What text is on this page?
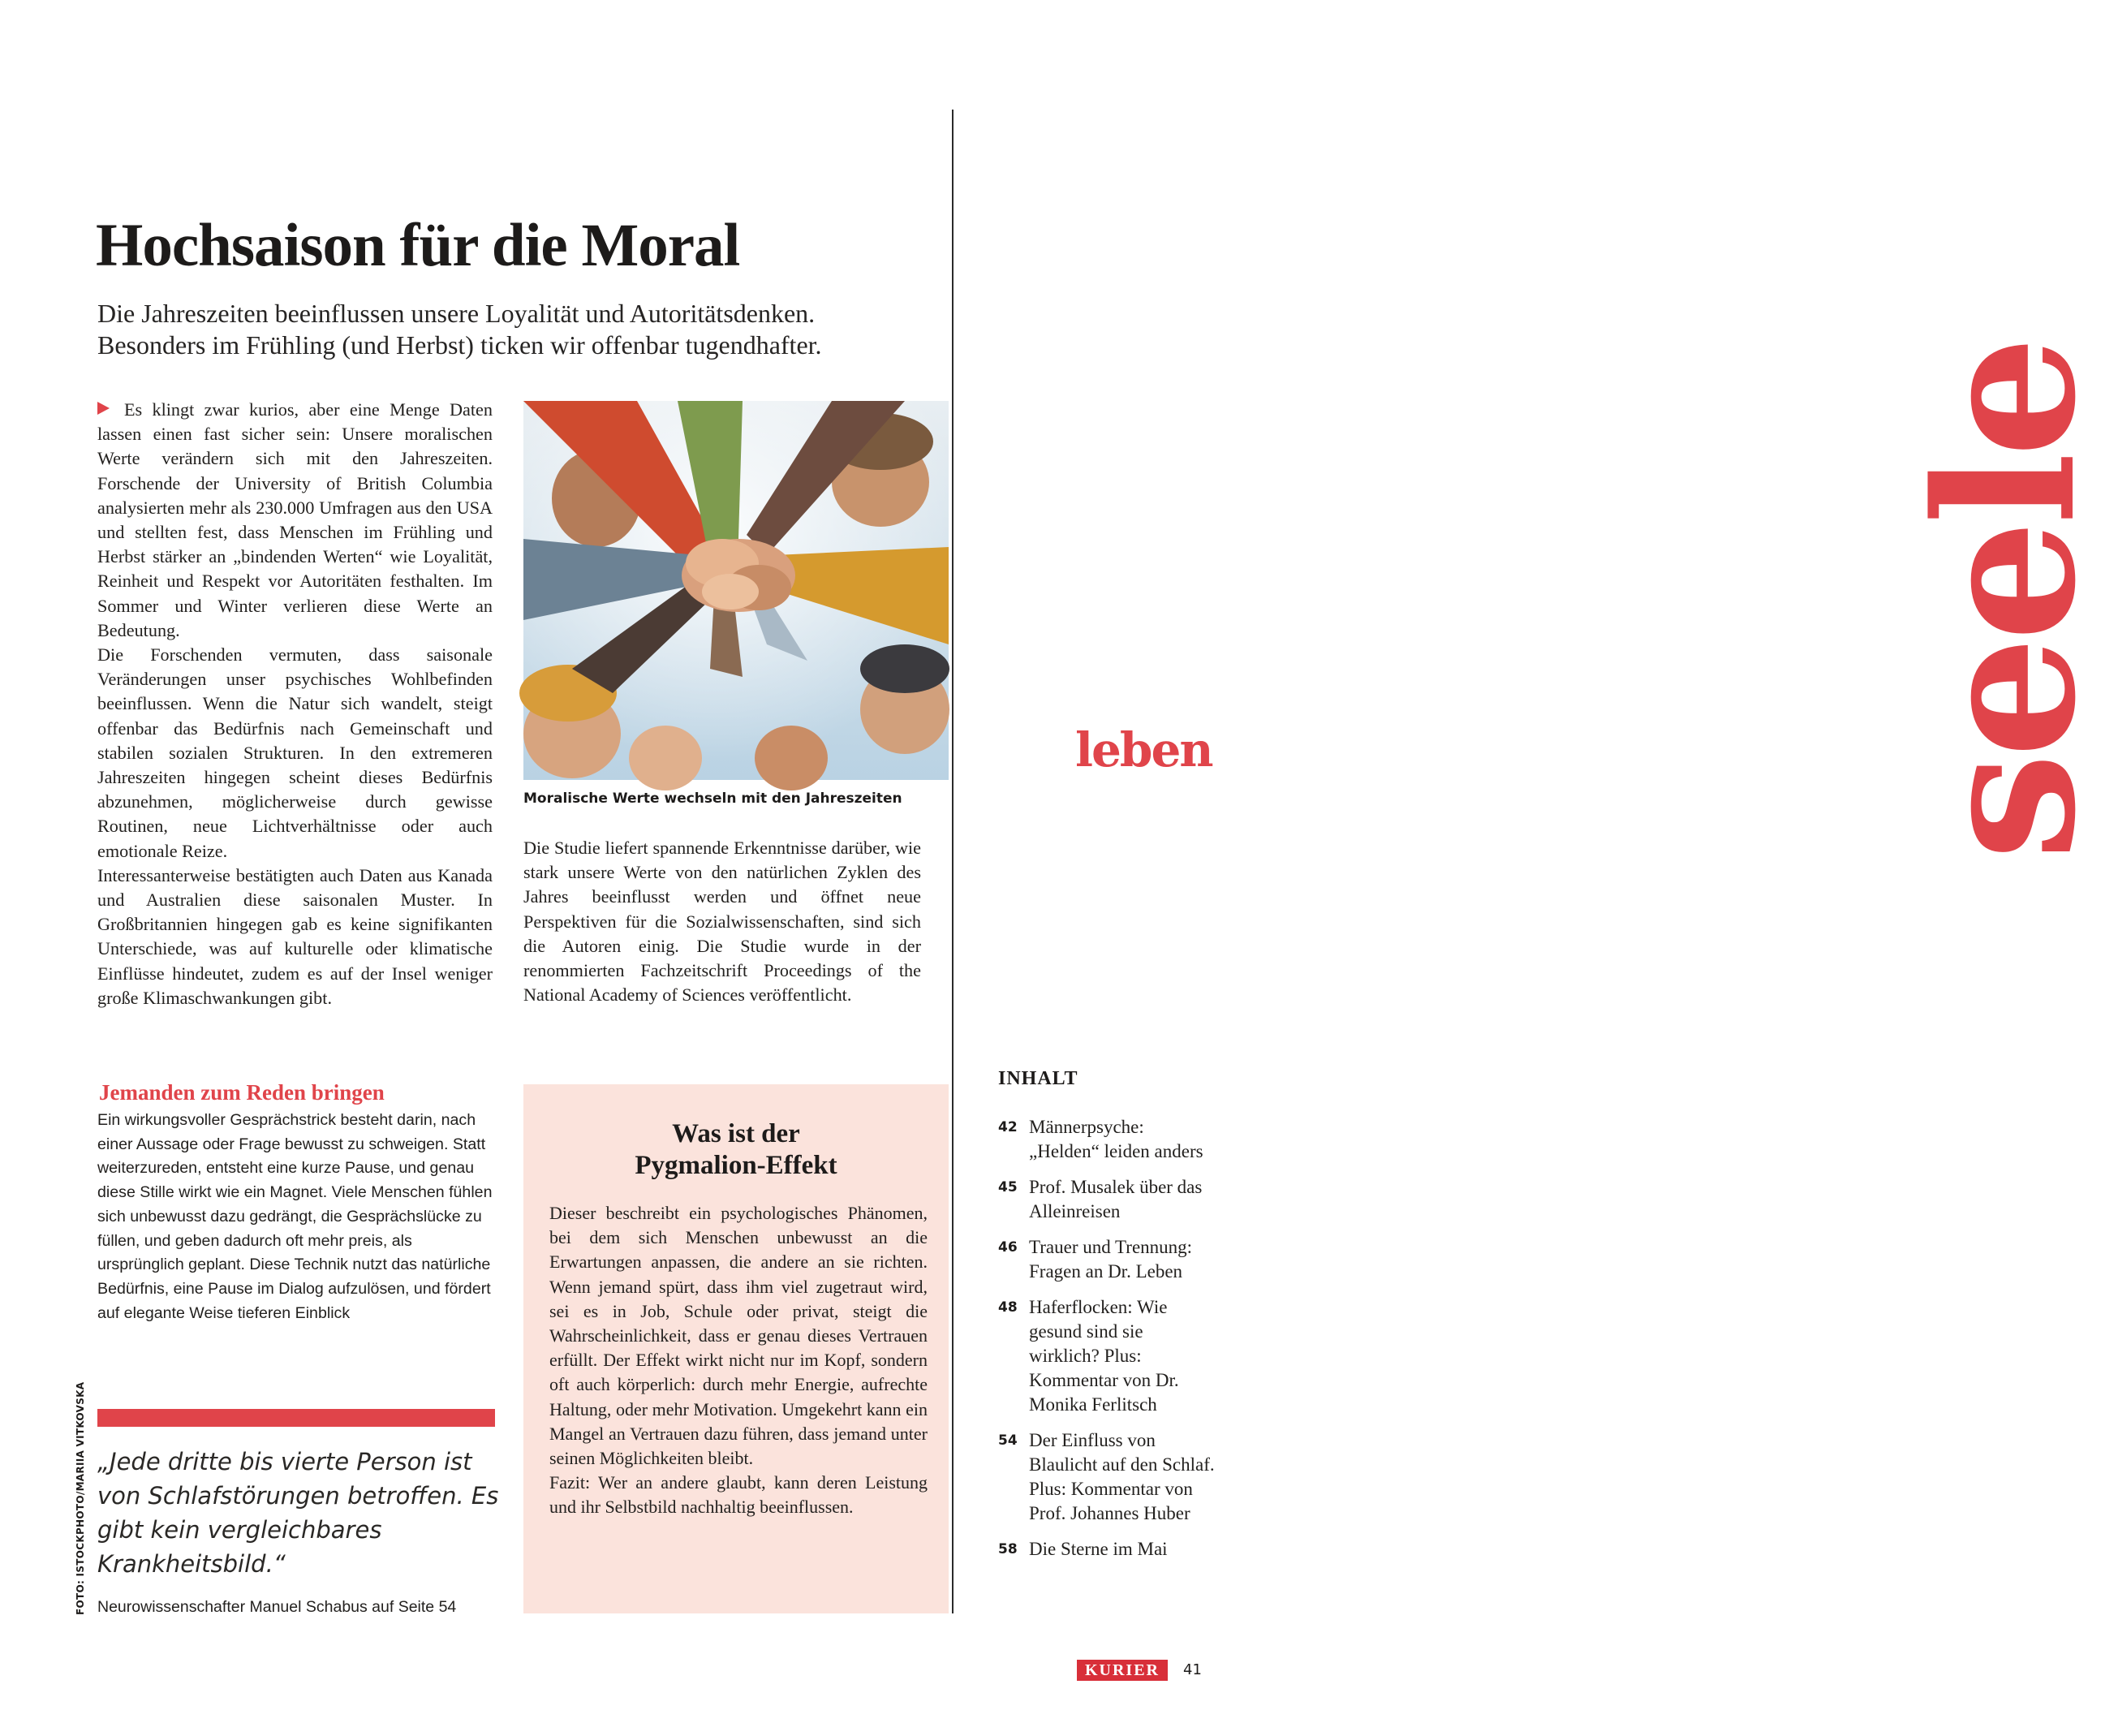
seele
leben
Hochsaison für die Moral
Die Jahreszeiten beeinflussen unsere Loyalität und Autoritätsdenken.
Besonders im Frühling (und Herbst) ticken wir offenbar tugendhafter.

Es klingt zwar kurios, aber eine Menge Daten lassen einen fast sicher sein: Unsere moralischen Werte verändern sich mit den Jahreszeiten. Forschende der University of British Columbia analysierten mehr als 230.000 Umfragen aus den USA und stellten fest, dass Menschen im Frühling und Herbst stärker an „bindenden Werten“ wie Loyalität, Reinheit und Respekt vor Autoritäten festhalten. Im Sommer und Winter verlieren diese Werte an Bedeutung.

Die Forschenden vermuten, dass saisonale Veränderungen unser psychisches Wohlbefinden beeinflussen. Wenn die Natur sich wandelt, steigt offenbar das Bedürfnis nach Gemeinschaft und stabilen sozialen Strukturen. In den extremeren Jahreszeiten hingegen scheint dieses Bedürfnis abzunehmen, möglicherweise durch gewisse Routinen, neue Lichtverhältnisse oder auch emotionale Reize.

Interessanterweise bestätigten auch Daten aus Kanada und Australien diese saisonalen Muster. In Großbritannien hingegen gab es keine signifikanten Unterschiede, was auf kulturelle oder klimatische Einflüsse hindeutet, zudem es auf der Insel weniger große Klimaschwankungen gibt.

Moralische Werte wechseln mit den Jahreszeiten

Die Studie liefert spannende Erkenntnisse darüber, wie stark unsere Werte von den natürlichen Zyklen des Jahres beeinflusst werden und öffnet neue Perspektiven für die Sozialwissenschaften, sind sich die Autoren einig. Die Studie wurde in der renommierten Fachzeitschrift Proceedings of the National Academy of Sciences veröffentlicht.

Jemanden zum Reden bringen
Ein wirkungsvoller Gesprächstrick besteht darin, nach einer Aussage oder Frage bewusst zu schweigen. Statt weiterzureden, entsteht eine kurze Pause, und genau diese Stille wirkt wie ein Magnet. Viele Menschen fühlen sich unbewusst dazu gedrängt, die Gesprächslücke zu füllen, und geben dadurch oft mehr preis, als ursprünglich geplant. Diese Technik nutzt das natürliche Bedürfnis, eine Pause im Dialog aufzulösen, und fördert auf elegante Weise tieferen Einblick
FOTO: ISTOCKPHOTO/MARIIA VITKOVSKA „Jede dritte bis vierte Person ist von Schlafstörungen betroffen. Es gibt kein vergleichbares Krankheitsbild.“
Neurowissenschafter Manuel Schabus auf Seite 54
Was ist der
Pygmalion-Effekt

Dieser beschreibt ein psychologisches Phänomen, bei dem sich Menschen unbewusst an die Erwartungen anpassen, die andere an sie richten. Wenn jemand spürt, dass ihm viel zugetraut wird, sei es in Job, Schule oder privat, steigt die Wahrscheinlichkeit, dass er genau dieses Vertrauen erfüllt. Der Effekt wirkt nicht nur im Kopf, sondern oft auch körperlich: durch mehr Energie, aufrechte Haltung, oder mehr Motivation. Umgekehrt kann ein Mangel an Vertrauen dazu führen, dass jemand unter seinen Möglichkeiten bleibt.

Fazit: Wer an andere glaubt, kann deren Leistung und ihr Selbstbild nachhaltig beeinflussen.

INHALT
42 Männerpsyche: „Helden“ leiden anders
45 Prof. Musalek über das Alleinreisen
46 Trauer und Trennung: Fragen an Dr. Leben
48 Haferflocken: Wie gesund sind sie wirklich? Plus: Kommentar von Dr. Monika Ferlitsch
54 Der Einfluss von Blaulicht auf den Schlaf. Plus: Kommentar von Prof. Johannes Huber
58 Die Sterne im Mai
KURIER	41
